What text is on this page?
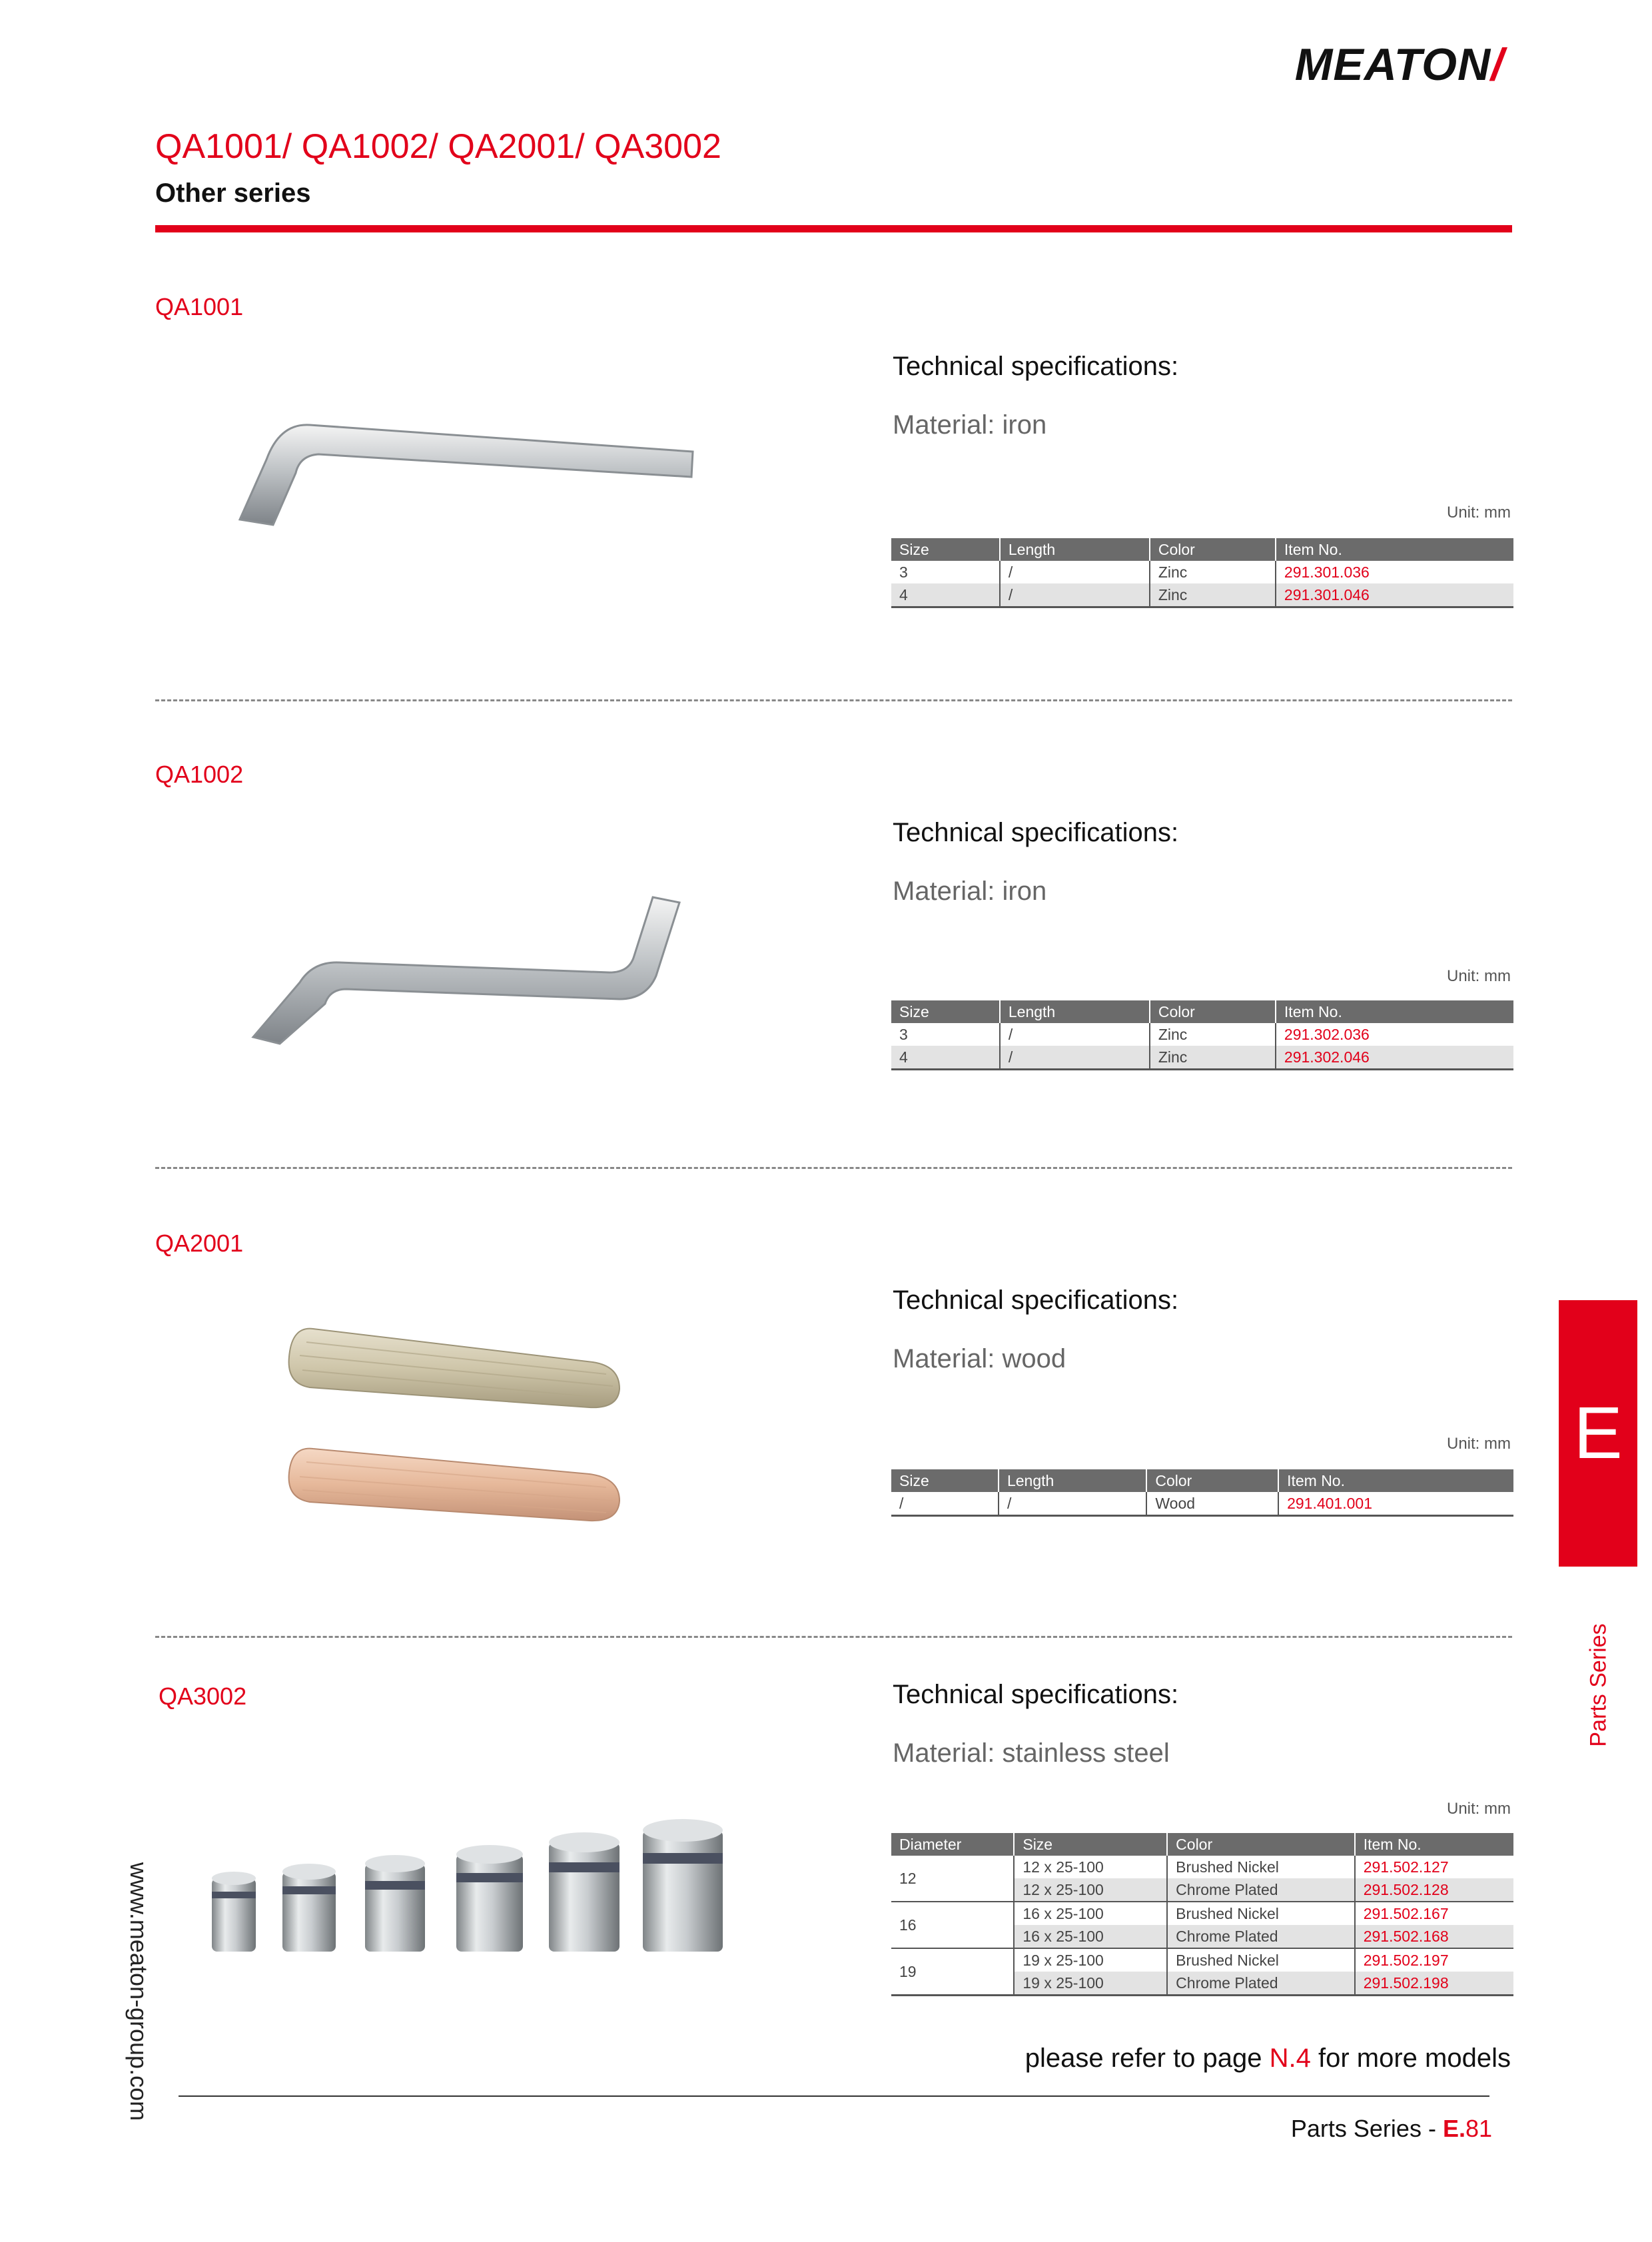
MEATON/
QA1001/ QA1002/ QA2001/ QA3002
Other series
QA1001
Technical specifications:
Material: iron
Unit: mm
Size	Length	Color	Item No.
3	/	Zinc	291.301.036
4	/	Zinc	291.301.046
QA1002
Technical specifications:
Material: iron
Unit: mm
Size	Length	Color	Item No.
3	/	Zinc	291.302.036
4	/	Zinc	291.302.046
QA2001
Technical specifications:
Material: wood
Unit: mm
Size	Length	Color	Item No.
/	/	Wood	291.401.001
QA3002	Technical specifications:
Material: stainless steel
Unit: mm
Diameter	Size	Color	Item No.
12	12 x 25-100	Brushed Nickel	291.502.127
	12 x 25-100	Chrome Plated	291.502.128
16	16 x 25-100	Brushed Nickel	291.502.167
	16 x 25-100	Chrome Plated	291.502.168
19	19 x 25-100	Brushed Nickel	291.502.197
	19 x 25-100	Chrome Plated	291.502.198
please refer to page N.4 for more models
E
Parts Series
www.meaton-group.com
Parts Series - E.81
